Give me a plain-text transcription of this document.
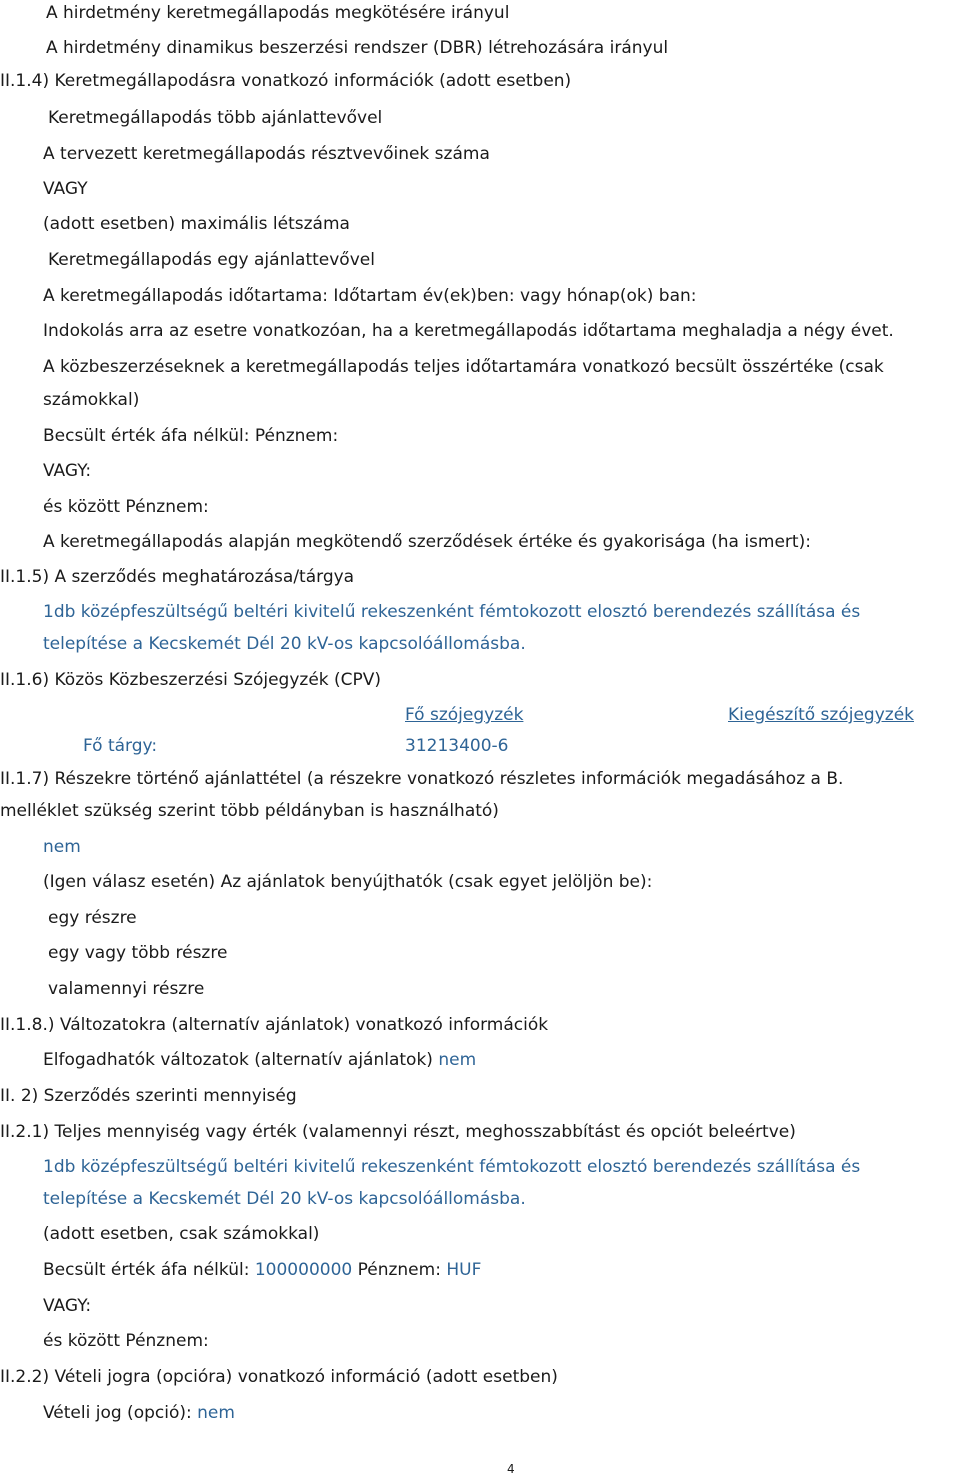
A hirdetmény keretmegállapodás megkötésére irányul
A hirdetmény dinamikus beszerzési rendszer (DBR) létrehozására irányul
II.1.4) Keretmegállapodásra vonatkozó információk (adott esetben)
Keretmegállapodás több ajánlattevővel
A tervezett keretmegállapodás résztvevőinek száma
VAGY
(adott esetben) maximális létszáma
Keretmegállapodás egy ajánlattevővel
A keretmegállapodás időtartama: Időtartam év(ek)ben: vagy hónap(ok) ban:
Indokolás arra az esetre vonatkozóan, ha a keretmegállapodás időtartama meghaladja a négy évet.
A közbeszerzéseknek a keretmegállapodás teljes időtartamára vonatkozó becsült összértéke (csak
számokkal)
Becsült érték áfa nélkül: Pénznem:
VAGY:
és között Pénznem:
A keretmegállapodás alapján megkötendő szerződések értéke és gyakorisága (ha ismert):
II.1.5) A szerződés meghatározása/tárgya
1db középfeszültségű beltéri kivitelű rekeszenként fémtokozott elosztó berendezés szállítása és
telepítése a Kecskemét Dél 20 kV-os kapcsolóállomásba.
II.1.6) Közös Közbeszerzési Szójegyzék (CPV)
Fő szójegyzék	Kiegészítő szójegyzék
Fő tárgy:	31213400-6
II.1.7) Részekre történő ajánlattétel (a részekre vonatkozó részletes információk megadásához a B.
melléklet szükség szerint több példányban is használható)
nem
(Igen válasz esetén) Az ajánlatok benyújthatók (csak egyet jelöljön be):
egy részre
egy vagy több részre
valamennyi részre
II.1.8.) Változatokra (alternatív ajánlatok) vonatkozó információk
Elfogadhatók változatok (alternatív ajánlatok) nem
II. 2) Szerződés szerinti mennyiség
II.2.1) Teljes mennyiség vagy érték (valamennyi részt, meghosszabbítást és opciót beleértve)
1db középfeszültségű beltéri kivitelű rekeszenként fémtokozott elosztó berendezés szállítása és
telepítése a Kecskemét Dél 20 kV-os kapcsolóállomásba.
(adott esetben, csak számokkal)
Becsült érték áfa nélkül: 100000000 Pénznem: HUF
VAGY:
és között Pénznem:
II.2.2) Vételi jogra (opcióra) vonatkozó információ (adott esetben)
Vételi jog (opció): nem
4
